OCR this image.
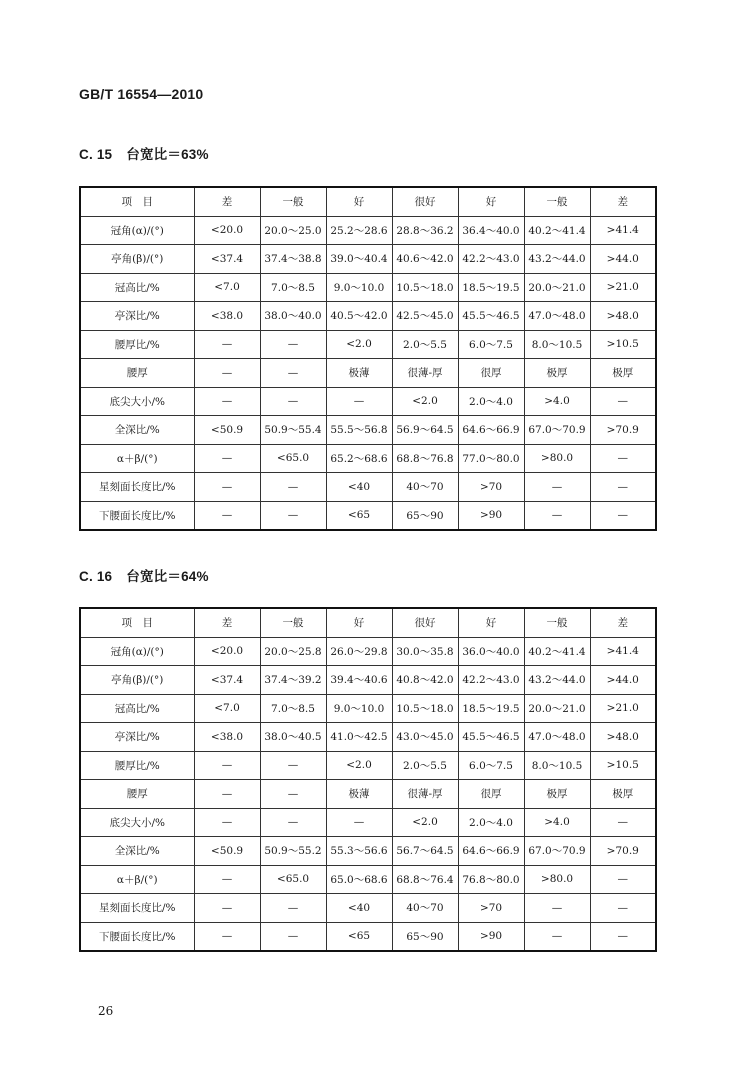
GB/T 16554—2010
C. 15 台宽比＝63%
项　目	差	一般	好	很好	好	一般	差
冠角(α)/(°)	<20.0	20.0～25.0	25.2～28.6	28.8～36.2	36.4～40.0	40.2～41.4	>41.4
亭角(β)/(°)	<37.4	37.4～38.8	39.0～40.4	40.6～42.0	42.2～43.0	43.2～44.0	>44.0
冠高比/%	<7.0	7.0～8.5	9.0～10.0	10.5～18.0	18.5～19.5	20.0～21.0	>21.0
亭深比/%	<38.0	38.0～40.0	40.5～42.0	42.5～45.0	45.5～46.5	47.0～48.0	>48.0
腰厚比/%	—	—	<2.0	2.0～5.5	6.0～7.5	8.0～10.5	>10.5
腰厚	—	—	极薄	很薄-厚	很厚	极厚	极厚
底尖大小/%	—	—	—	<2.0	2.0～4.0	>4.0	—
全深比/%	<50.9	50.9～55.4	55.5～56.8	56.9～64.5	64.6～66.9	67.0～70.9	>70.9
α＋β/(°)	—	<65.0	65.2～68.6	68.8～76.8	77.0～80.0	>80.0	—
星刻面长度比/%	—	—	<40	40～70	>70	—	—
下腰面长度比/%	—	—	<65	65～90	>90	—	—
C. 16 台宽比＝64%
项　目	差	一般	好	很好	好	一般	差
冠角(α)/(°)	<20.0	20.0～25.8	26.0～29.8	30.0～35.8	36.0～40.0	40.2～41.4	>41.4
亭角(β)/(°)	<37.4	37.4～39.2	39.4～40.6	40.8～42.0	42.2～43.0	43.2～44.0	>44.0
冠高比/%	<7.0	7.0～8.5	9.0～10.0	10.5～18.0	18.5～19.5	20.0～21.0	>21.0
亭深比/%	<38.0	38.0～40.5	41.0～42.5	43.0～45.0	45.5～46.5	47.0～48.0	>48.0
腰厚比/%	—	—	<2.0	2.0～5.5	6.0～7.5	8.0～10.5	>10.5
腰厚	—	—	极薄	很薄-厚	很厚	极厚	极厚
底尖大小/%	—	—	—	<2.0	2.0～4.0	>4.0	—
全深比/%	<50.9	50.9～55.2	55.3～56.6	56.7～64.5	64.6～66.9	67.0～70.9	>70.9
α＋β/(°)	—	<65.0	65.0～68.6	68.8～76.4	76.8～80.0	>80.0	—
星刻面长度比/%	—	—	<40	40～70	>70	—	—
下腰面长度比/%	—	—	<65	65～90	>90	—	—
26
